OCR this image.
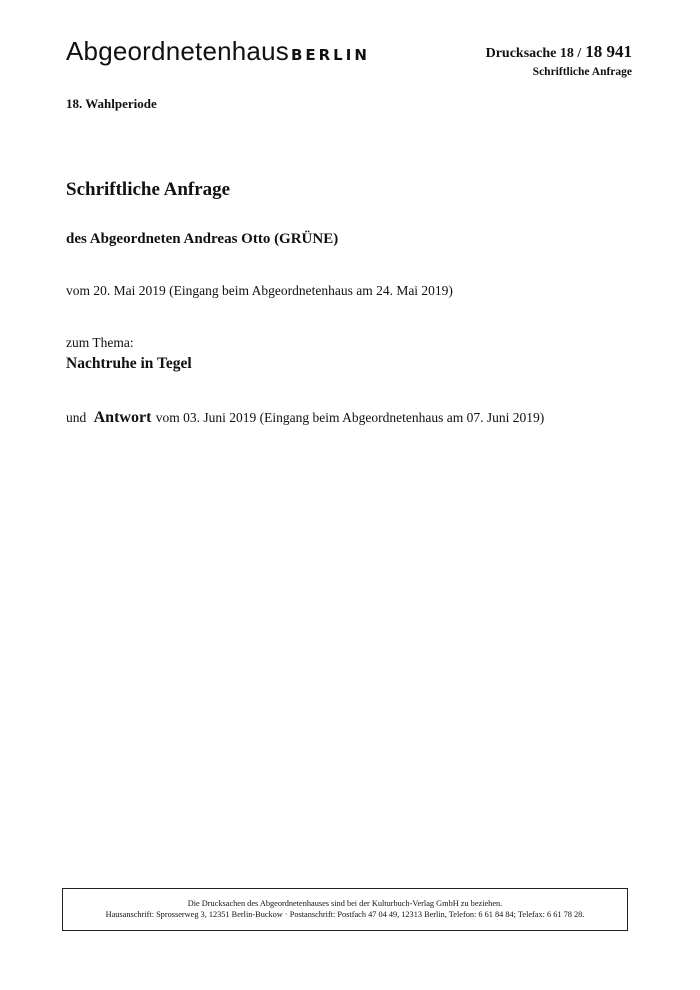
Abgeordnetenhaus BERLIN	Drucksache 18 / 18 941
Schriftliche Anfrage
18. Wahlperiode
Schriftliche Anfrage
des Abgeordneten Andreas Otto (GRÜNE)
vom 20. Mai 2019 (Eingang beim Abgeordnetenhaus am 24. Mai 2019)
zum Thema:
Nachtruhe in Tegel
und Antwort vom 03. Juni 2019 (Eingang beim Abgeordnetenhaus am 07. Juni 2019)
Die Drucksachen des Abgeordnetenhauses sind bei der Kulturbuch-Verlag GmbH zu beziehen.
Hausanschrift: Sprosserweg 3, 12351 Berlin-Buckow · Postanschrift: Postfach 47 04 49, 12313 Berlin, Telefon: 6 61 84 84; Telefax: 6 61 78 28.
